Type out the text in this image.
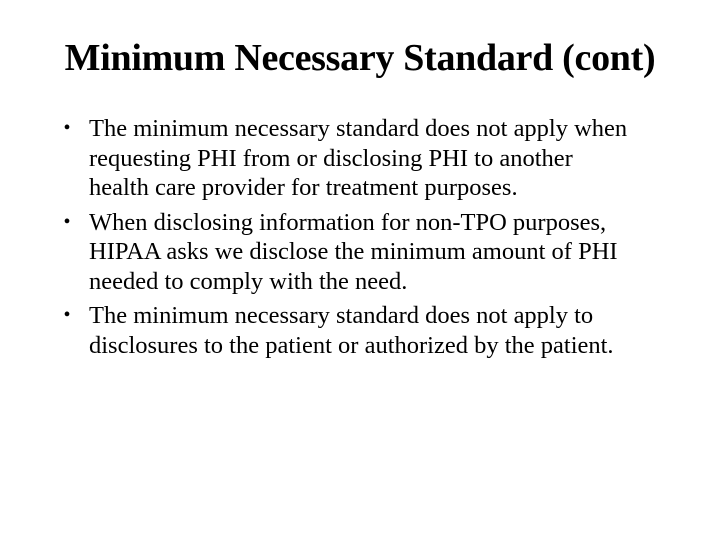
Minimum Necessary Standard (cont)
• The minimum necessary standard does not apply when
requesting PHI from or disclosing PHI to another
health care provider for treatment purposes.
• When disclosing information for non-TPO purposes,
HIPAA asks we disclose the minimum amount of PHI
needed to comply with the need.
• The minimum necessary standard does not apply to
disclosures to the patient or authorized by the patient.
